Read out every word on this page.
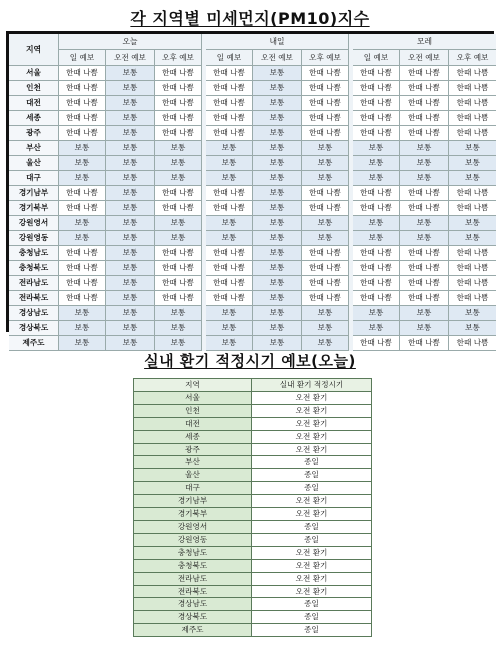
각 지역별 미세먼지(PM10)지수
지역	오늘				내일				모레		
	일 예보	오전 예보	오후 예보		일 예보	오전 예보	오후 예보		일 예보	오전 예보	오후 예보
서울	한때 나쁨	보통	한때 나쁨		한때 나쁨	보통	한때 나쁨		한때 나쁨	한때 나쁨	한때 나쁨
인천	한때 나쁨	보통	한때 나쁨		한때 나쁨	보통	한때 나쁨		한때 나쁨	한때 나쁨	한때 나쁨
대전	한때 나쁨	보통	한때 나쁨		한때 나쁨	보통	한때 나쁨		한때 나쁨	한때 나쁨	한때 나쁨
세종	한때 나쁨	보통	한때 나쁨		한때 나쁨	보통	한때 나쁨		한때 나쁨	한때 나쁨	한때 나쁨
광주	한때 나쁨	보통	한때 나쁨		한때 나쁨	보통	한때 나쁨		한때 나쁨	한때 나쁨	한때 나쁨
부산	보통	보통	보통		보통	보통	보통		보통	보통	보통
울산	보통	보통	보통		보통	보통	보통		보통	보통	보통
대구	보통	보통	보통		보통	보통	보통		보통	보통	보통
경기남부	한때 나쁨	보통	한때 나쁨		한때 나쁨	보통	한때 나쁨		한때 나쁨	한때 나쁨	한때 나쁨
경기북부	한때 나쁨	보통	한때 나쁨		한때 나쁨	보통	한때 나쁨		한때 나쁨	한때 나쁨	한때 나쁨
강원영서	보통	보통	보통		보통	보통	보통		보통	보통	보통
강원영동	보통	보통	보통		보통	보통	보통		보통	보통	보통
충청남도	한때 나쁨	보통	한때 나쁨		한때 나쁨	보통	한때 나쁨		한때 나쁨	한때 나쁨	한때 나쁨
충청북도	한때 나쁨	보통	한때 나쁨		한때 나쁨	보통	한때 나쁨		한때 나쁨	한때 나쁨	한때 나쁨
전라남도	한때 나쁨	보통	한때 나쁨		한때 나쁨	보통	한때 나쁨		한때 나쁨	한때 나쁨	한때 나쁨
전라북도	한때 나쁨	보통	한때 나쁨		한때 나쁨	보통	한때 나쁨		한때 나쁨	한때 나쁨	한때 나쁨
경상남도	보통	보통	보통		보통	보통	보통		보통	보통	보통
경상북도	보통	보통	보통		보통	보통	보통		보통	보통	보통
제주도	보통	보통	보통		보통	보통	보통		한때 나쁨	한때 나쁨	한때 나쁨
실내 환기 적정시기 예보(오늘)
지역	실내 환기 적정시기
서울	오전 환기
인천	오전 환기
대전	오전 환기
세종	오전 환기
광주	오전 환기
부산	종일
울산	종일
대구	종일
경기남부	오전 환기
경기북부	오전 환기
강원영서	종일
강원영동	종일
충청남도	오전 환기
충청북도	오전 환기
전라남도	오전 환기
전라북도	오전 환기
경상남도	종일
경상북도	종일
제주도	종일
